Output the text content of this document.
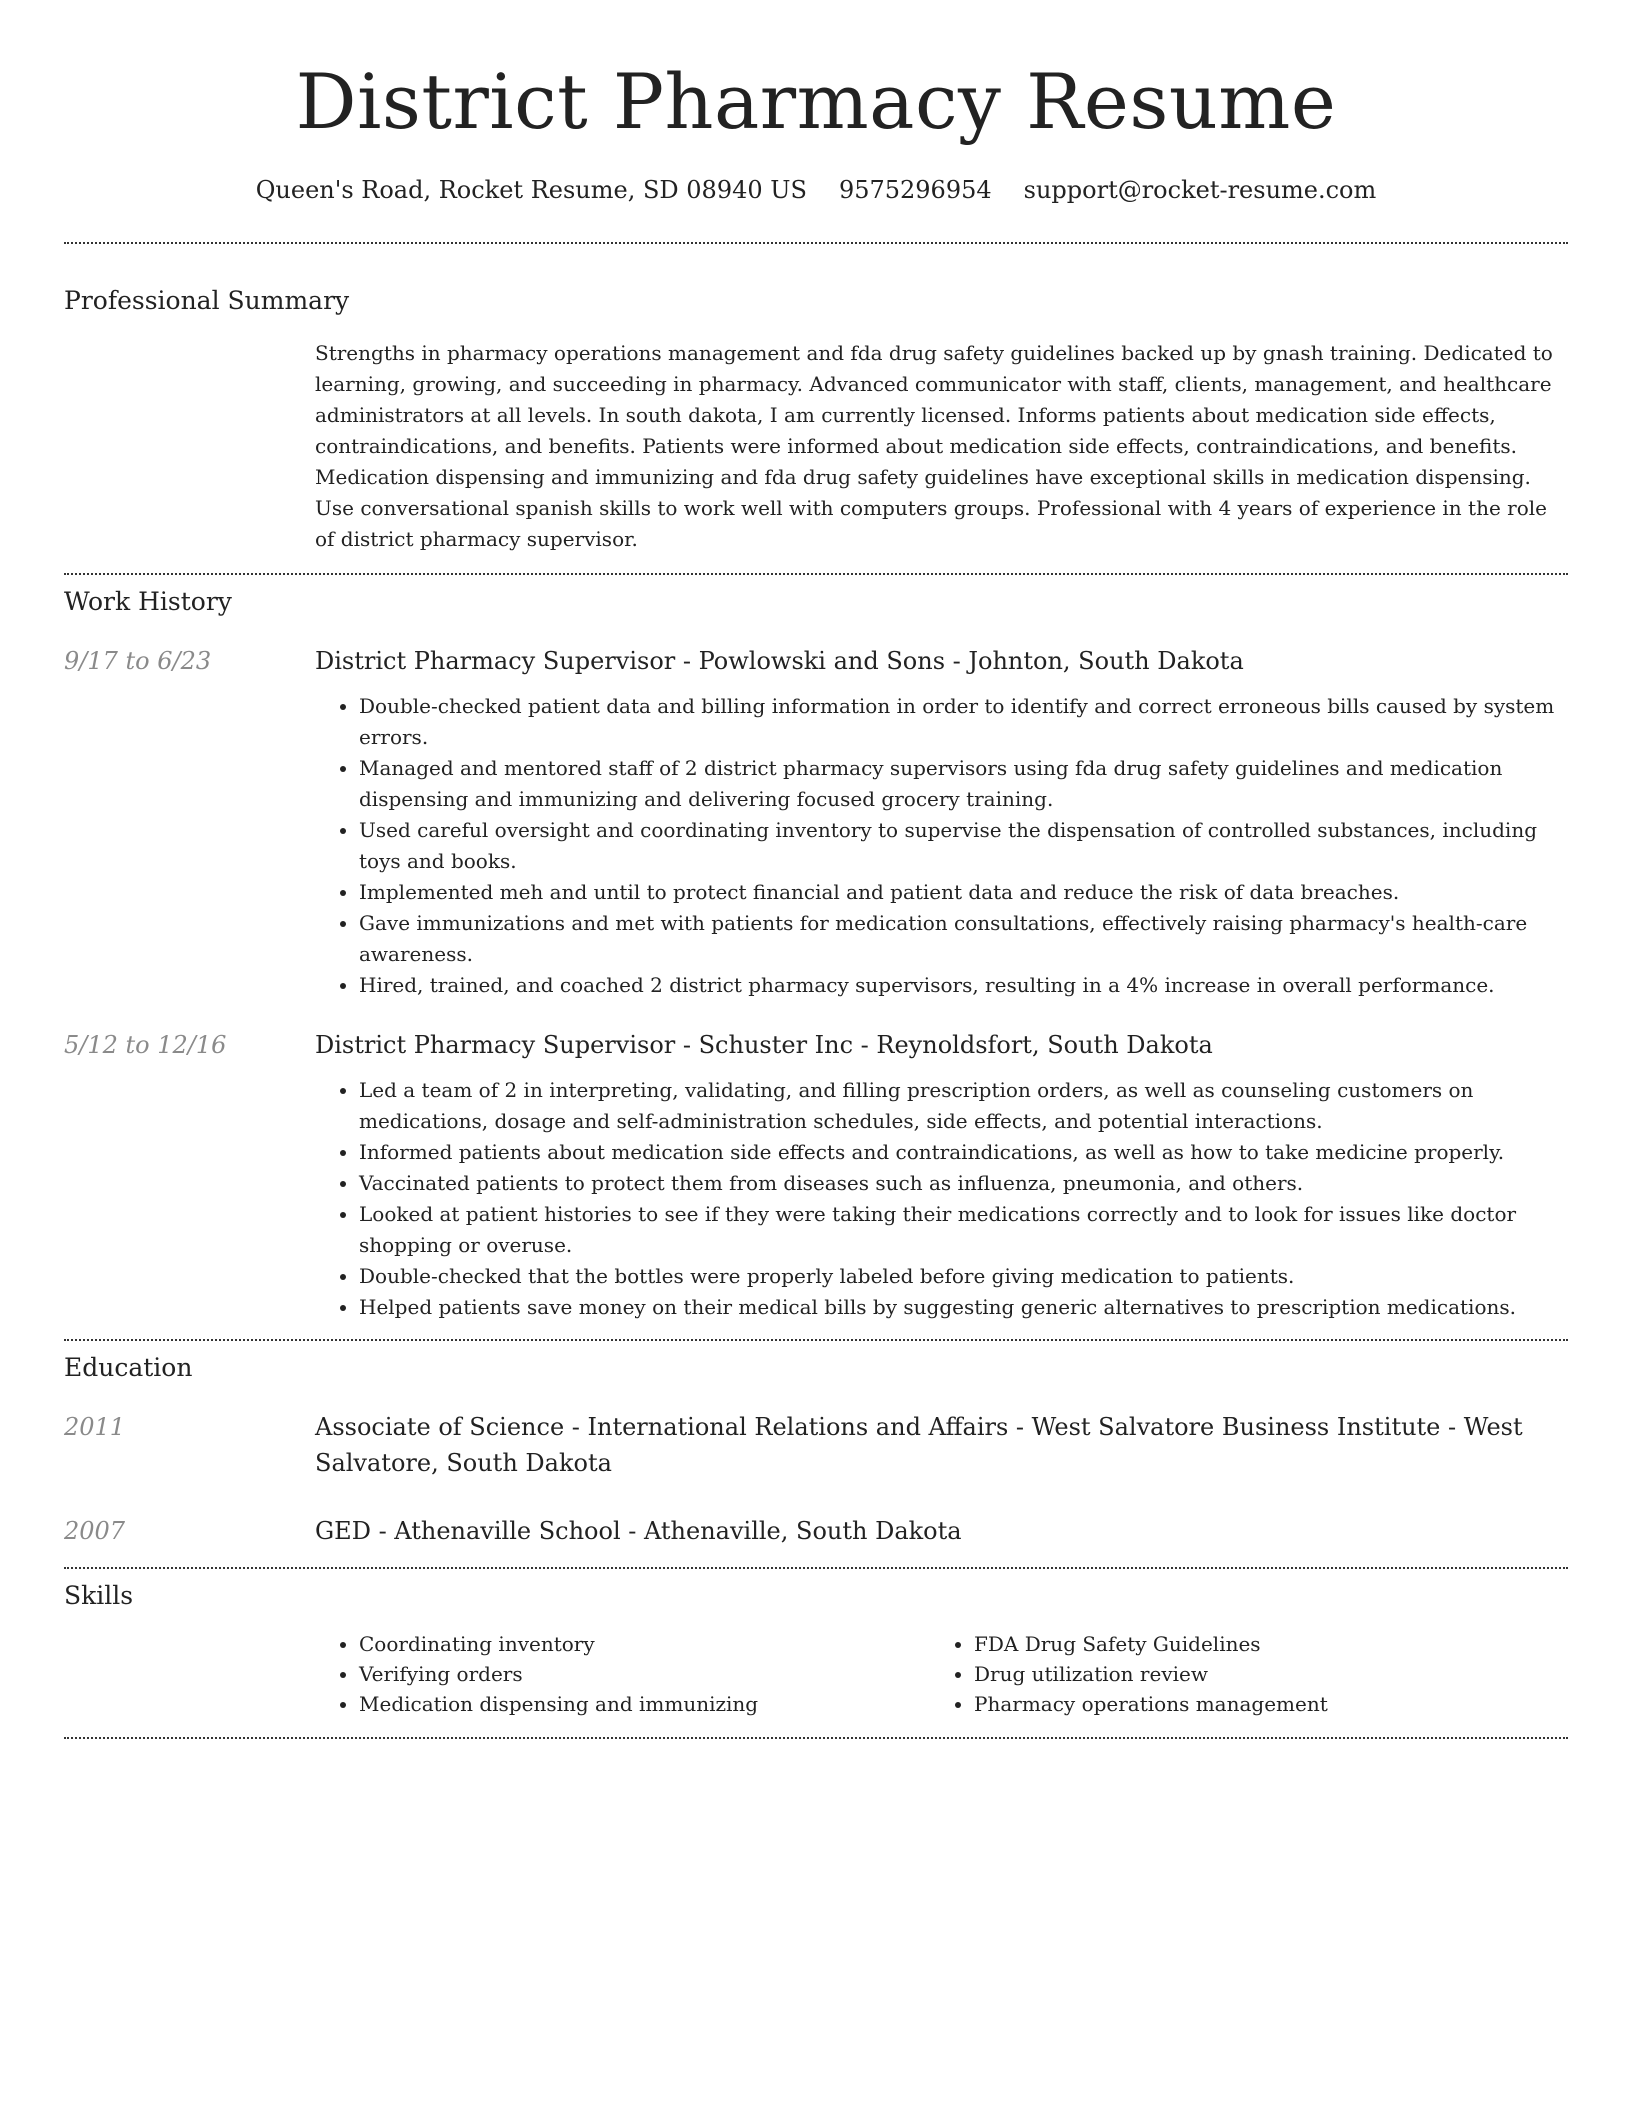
District Pharmacy Resume
Queen's Road, Rocket Resume, SD 08940 US 9575296954 support@rocket-resume.com
Professional Summary

Strengths in pharmacy operations management and fda drug safety guidelines backed up by gnash training. Dedicated to learning, growing, and succeeding in pharmacy. Advanced communicator with staff, clients, management, and healthcare administrators at all levels. In south dakota, I am currently licensed. Informs patients about medication side effects, contraindications, and benefits. Patients were informed about medication side effects, contraindications, and benefits. Medication dispensing and immunizing and fda drug safety guidelines have exceptional skills in medication dispensing. Use conversational spanish skills to work well with computers groups. Professional with 4 years of experience in the role of district pharmacy supervisor.

Work History
9/17 to 6/23	District Pharmacy Supervisor - Powlowski and Sons - Johnton, South Dakota
• Double-checked patient data and billing information in order to identify and correct erroneous bills caused by system errors.
• Managed and mentored staff of 2 district pharmacy supervisors using fda drug safety guidelines and medication dispensing and immunizing and delivering focused grocery training.
• Used careful oversight and coordinating inventory to supervise the dispensation of controlled substances, including toys and books.
• Implemented meh and until to protect financial and patient data and reduce the risk of data breaches.
• Gave immunizations and met with patients for medication consultations, effectively raising pharmacy's health-care awareness.
• Hired, trained, and coached 2 district pharmacy supervisors, resulting in a 4% increase in overall performance.
5/12 to 12/16	District Pharmacy Supervisor - Schuster Inc - Reynoldsfort, South Dakota
• Led a team of 2 in interpreting, validating, and filling prescription orders, as well as counseling customers on medications, dosage and self-administration schedules, side effects, and potential interactions.
• Informed patients about medication side effects and contraindications, as well as how to take medicine properly.
• Vaccinated patients to protect them from diseases such as influenza, pneumonia, and others.
• Looked at patient histories to see if they were taking their medications correctly and to look for issues like doctor shopping or overuse.
• Double-checked that the bottles were properly labeled before giving medication to patients.
• Helped patients save money on their medical bills by suggesting generic alternatives to prescription medications.
Education
2011	Associate of Science - International Relations and Affairs - West Salvatore Business Institute - West Salvatore, South Dakota
2007	GED - Athenaville School - Athenaville, South Dakota
Skills
• Coordinating inventory
• Verifying orders
• Medication dispensing and immunizing
• FDA Drug Safety Guidelines
• Drug utilization review
• Pharmacy operations management
